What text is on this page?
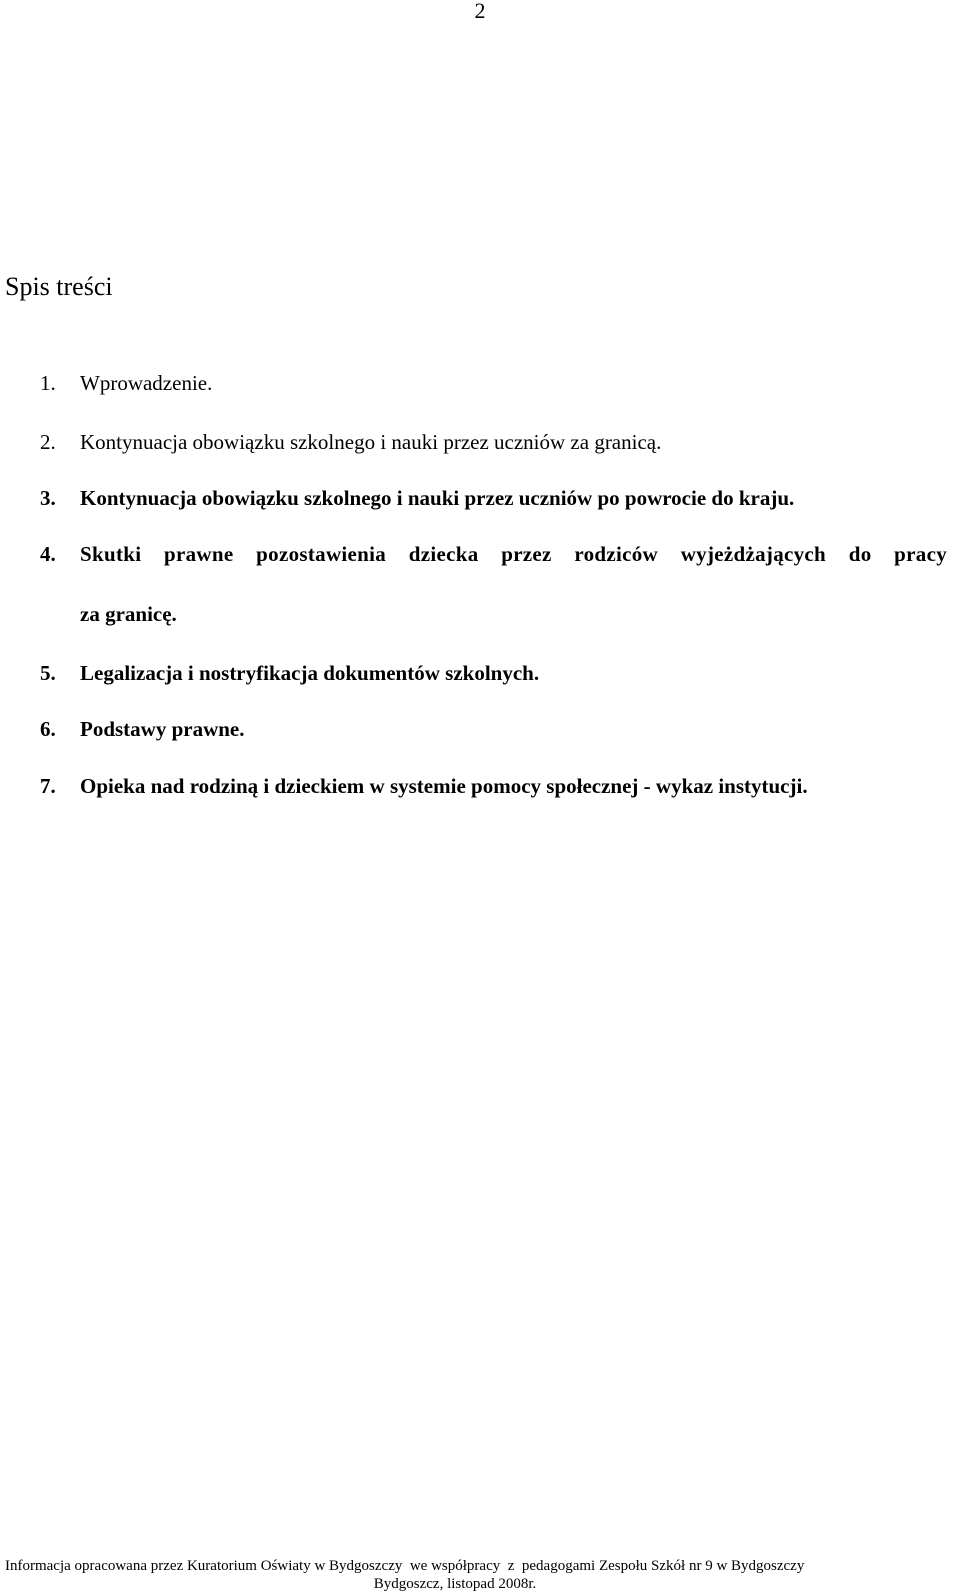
2
Spis treści
1. Wprowadzenie.
2. Kontynuacja obowiązku szkolnego i nauki przez uczniów za granicą.
3. Kontynuacja obowiązku szkolnego i nauki przez uczniów po powrocie do kraju.
4. Skutki prawne pozostawienia dziecka przez rodziców wyjeżdżających do pracy
za granicę.
5. Legalizacja i nostryfikacja dokumentów szkolnych.
6. Podstawy prawne.
7. Opieka nad rodziną i dzieckiem w systemie pomocy społecznej - wykaz instytucji.
Informacja opracowana przez Kuratorium Oświaty w Bydgoszczy  we współpracy  z  pedagogami Zespołu Szkół nr 9 w Bydgoszczy
Bydgoszcz, listopad 2008r.
